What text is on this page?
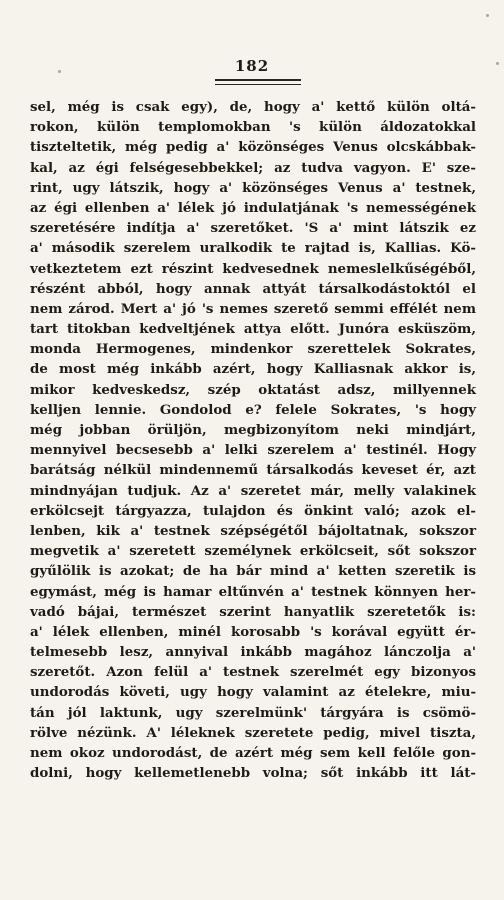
182
sel, még is csak egy), de, hogy a' kettő külön oltá-
rokon, külön templomokban 's külön áldozatokkal
tiszteltetik, még pedig a' közönséges Venus olcskábbak-
kal, az égi felségesebbekkel; az tudva vagyon. E' sze-
rint, ugy látszik, hogy a' közönséges Venus a' testnek,
az égi ellenben a' lélek jó indulatjának 's nemességének
szeretésére indítja a' szeretőket. 'S a' mint látszik ez
a' második szerelem uralkodik te rajtad is, Kallias. Kö-
vetkeztetem ezt részint kedvesednek nemeslelkűségéből,
részént abból, hogy annak attyát társalkodástoktól el
nem zárod. Mert a' jó 's nemes szerető semmi effélét nem
tart titokban kedveltjének attya előtt. Junóra esküszöm,
monda Hermogenes, mindenkor szerettelek Sokrates,
de most még inkább azért, hogy Kalliasnak akkor is,
mikor kedveskedsz, szép oktatást adsz, millyennek
kelljen lennie. Gondolod e? felele Sokrates, 's hogy
még jobban örüljön, megbizonyítom neki mindjárt,
mennyivel becsesebb a' lelki szerelem a' testinél. Hogy
barátság nélkül mindennemű társalkodás keveset ér, azt
mindnyájan tudjuk. Az a' szeretet már, melly valakinek
erkölcsejt tárgyazza, tulajdon és önkint való; azok el-
lenben, kik a' testnek szépségétől bájoltatnak, sokszor
megvetik a' szeretett személynek erkölcseit, sőt sokszor
gyűlölik is azokat; de ha bár mind a' ketten szeretik is
egymást, még is hamar eltűnvén a' testnek könnyen her-
vadó bájai, természet szerint hanyatlik szeretetők is:
a' lélek ellenben, minél korosabb 's korával együtt ér-
telmesebb lesz, annyival inkább magához lánczolja a'
szeretőt. Azon felül a' testnek szerelmét egy bizonyos
undorodás követi, ugy hogy valamint az ételekre, miu-
tán jól laktunk, ugy szerelmünk' tárgyára is csömö-
rölve nézünk. A' léleknek szeretete pedig, mivel tiszta,
nem okoz undorodást, de azért még sem kell felőle gon-
dolni, hogy kellemetlenebb volna; sőt inkább itt lát-
